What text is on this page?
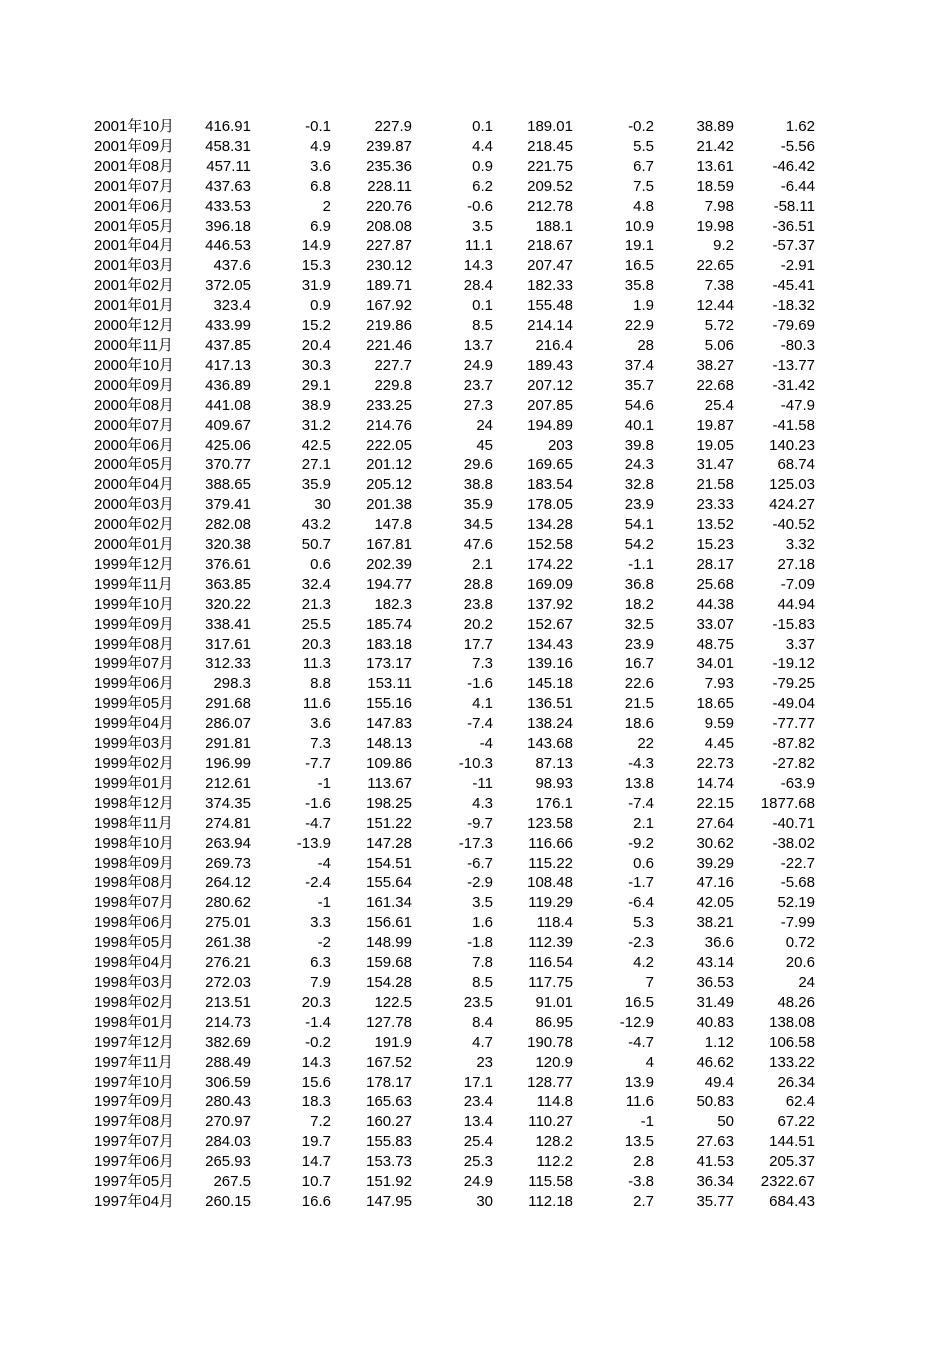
2001年10月	416.91	-0.1	227.9	0.1	189.01	-0.2	38.89	1.62
2001年09月	458.31	4.9	239.87	4.4	218.45	5.5	21.42	-5.56
2001年08月	457.11	3.6	235.36	0.9	221.75	6.7	13.61	-46.42
2001年07月	437.63	6.8	228.11	6.2	209.52	7.5	18.59	-6.44
2001年06月	433.53	2	220.76	-0.6	212.78	4.8	7.98	-58.11
2001年05月	396.18	6.9	208.08	3.5	188.1	10.9	19.98	-36.51
2001年04月	446.53	14.9	227.87	11.1	218.67	19.1	9.2	-57.37
2001年03月	437.6	15.3	230.12	14.3	207.47	16.5	22.65	-2.91
2001年02月	372.05	31.9	189.71	28.4	182.33	35.8	7.38	-45.41
2001年01月	323.4	0.9	167.92	0.1	155.48	1.9	12.44	-18.32
2000年12月	433.99	15.2	219.86	8.5	214.14	22.9	5.72	-79.69
2000年11月	437.85	20.4	221.46	13.7	216.4	28	5.06	-80.3
2000年10月	417.13	30.3	227.7	24.9	189.43	37.4	38.27	-13.77
2000年09月	436.89	29.1	229.8	23.7	207.12	35.7	22.68	-31.42
2000年08月	441.08	38.9	233.25	27.3	207.85	54.6	25.4	-47.9
2000年07月	409.67	31.2	214.76	24	194.89	40.1	19.87	-41.58
2000年06月	425.06	42.5	222.05	45	203	39.8	19.05	140.23
2000年05月	370.77	27.1	201.12	29.6	169.65	24.3	31.47	68.74
2000年04月	388.65	35.9	205.12	38.8	183.54	32.8	21.58	125.03
2000年03月	379.41	30	201.38	35.9	178.05	23.9	23.33	424.27
2000年02月	282.08	43.2	147.8	34.5	134.28	54.1	13.52	-40.52
2000年01月	320.38	50.7	167.81	47.6	152.58	54.2	15.23	3.32
1999年12月	376.61	0.6	202.39	2.1	174.22	-1.1	28.17	27.18
1999年11月	363.85	32.4	194.77	28.8	169.09	36.8	25.68	-7.09
1999年10月	320.22	21.3	182.3	23.8	137.92	18.2	44.38	44.94
1999年09月	338.41	25.5	185.74	20.2	152.67	32.5	33.07	-15.83
1999年08月	317.61	20.3	183.18	17.7	134.43	23.9	48.75	3.37
1999年07月	312.33	11.3	173.17	7.3	139.16	16.7	34.01	-19.12
1999年06月	298.3	8.8	153.11	-1.6	145.18	22.6	7.93	-79.25
1999年05月	291.68	11.6	155.16	4.1	136.51	21.5	18.65	-49.04
1999年04月	286.07	3.6	147.83	-7.4	138.24	18.6	9.59	-77.77
1999年03月	291.81	7.3	148.13	-4	143.68	22	4.45	-87.82
1999年02月	196.99	-7.7	109.86	-10.3	87.13	-4.3	22.73	-27.82
1999年01月	212.61	-1	113.67	-11	98.93	13.8	14.74	-63.9
1998年12月	374.35	-1.6	198.25	4.3	176.1	-7.4	22.15	1877.68
1998年11月	274.81	-4.7	151.22	-9.7	123.58	2.1	27.64	-40.71
1998年10月	263.94	-13.9	147.28	-17.3	116.66	-9.2	30.62	-38.02
1998年09月	269.73	-4	154.51	-6.7	115.22	0.6	39.29	-22.7
1998年08月	264.12	-2.4	155.64	-2.9	108.48	-1.7	47.16	-5.68
1998年07月	280.62	-1	161.34	3.5	119.29	-6.4	42.05	52.19
1998年06月	275.01	3.3	156.61	1.6	118.4	5.3	38.21	-7.99
1998年05月	261.38	-2	148.99	-1.8	112.39	-2.3	36.6	0.72
1998年04月	276.21	6.3	159.68	7.8	116.54	4.2	43.14	20.6
1998年03月	272.03	7.9	154.28	8.5	117.75	7	36.53	24
1998年02月	213.51	20.3	122.5	23.5	91.01	16.5	31.49	48.26
1998年01月	214.73	-1.4	127.78	8.4	86.95	-12.9	40.83	138.08
1997年12月	382.69	-0.2	191.9	4.7	190.78	-4.7	1.12	106.58
1997年11月	288.49	14.3	167.52	23	120.9	4	46.62	133.22
1997年10月	306.59	15.6	178.17	17.1	128.77	13.9	49.4	26.34
1997年09月	280.43	18.3	165.63	23.4	114.8	11.6	50.83	62.4
1997年08月	270.97	7.2	160.27	13.4	110.27	-1	50	67.22
1997年07月	284.03	19.7	155.83	25.4	128.2	13.5	27.63	144.51
1997年06月	265.93	14.7	153.73	25.3	112.2	2.8	41.53	205.37
1997年05月	267.5	10.7	151.92	24.9	115.58	-3.8	36.34	2322.67
1997年04月	260.15	16.6	147.95	30	112.18	2.7	35.77	684.43
